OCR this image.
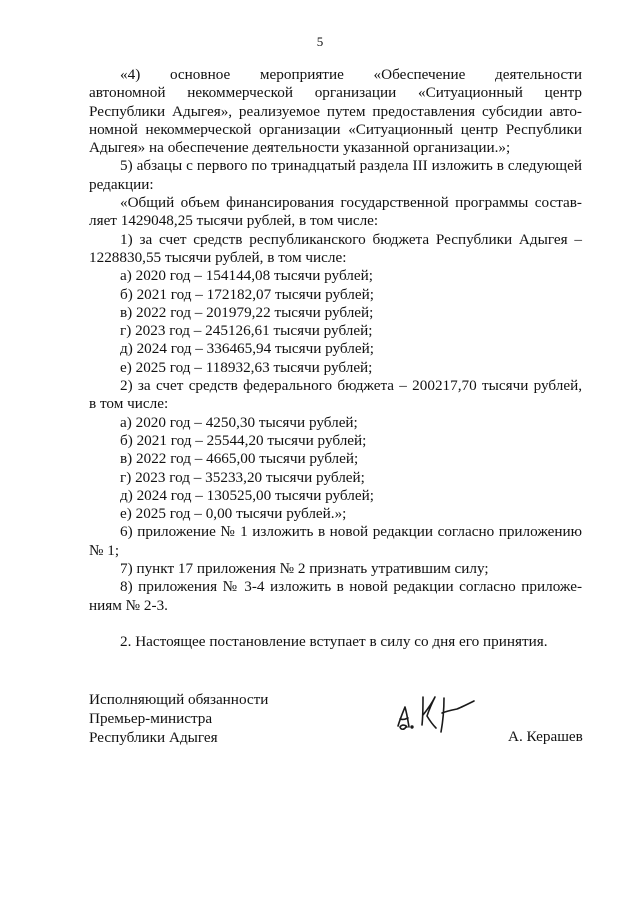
5
«4) основное мероприятие «Обеспечение деятельности
автономной некоммерческой организации «Ситуационный центр
Республики Адыгея», реализуемое путем предоставления субсидии авто-
номной некоммерческой организации «Ситуационный центр Республики
Адыгея» на обеспечение деятельности указанной организации.»;
5) абзацы с первого по тринадцатый раздела III изложить в следующей
редакции:
«Общий объем финансирования государственной программы состав-
ляет 1429048,25 тысячи рублей, в том числе:
1) за счет средств республиканского бюджета Республики Адыгея –
1228830,55 тысячи рублей, в том числе:
а) 2020 год – 154144,08 тысячи рублей;
б) 2021 год – 172182,07 тысячи рублей;
в) 2022 год – 201979,22 тысячи рублей;
г) 2023 год – 245126,61 тысячи рублей;
д) 2024 год – 336465,94 тысячи рублей;
е) 2025 год – 118932,63 тысячи рублей;
2) за счет средств федерального бюджета – 200217,70 тысячи рублей,
в том числе:
а) 2020 год – 4250,30 тысячи рублей;
б) 2021 год – 25544,20 тысячи рублей;
в) 2022 год – 4665,00 тысячи рублей;
г) 2023 год – 35233,20 тысячи рублей;
д) 2024 год – 130525,00 тысячи рублей;
е) 2025 год – 0,00 тысячи рублей.»;
6) приложение № 1 изложить в новой редакции согласно приложению
№ 1;
7) пункт 17 приложения № 2 признать утратившим силу;
8) приложения № 3-4 изложить в новой редакции согласно приложе-
ниям № 2-3.
2. Настоящее постановление вступает в силу со дня его принятия.
Исполняющий обязанности
Премьер-министра
Республики Адыгея	А. Керашев
